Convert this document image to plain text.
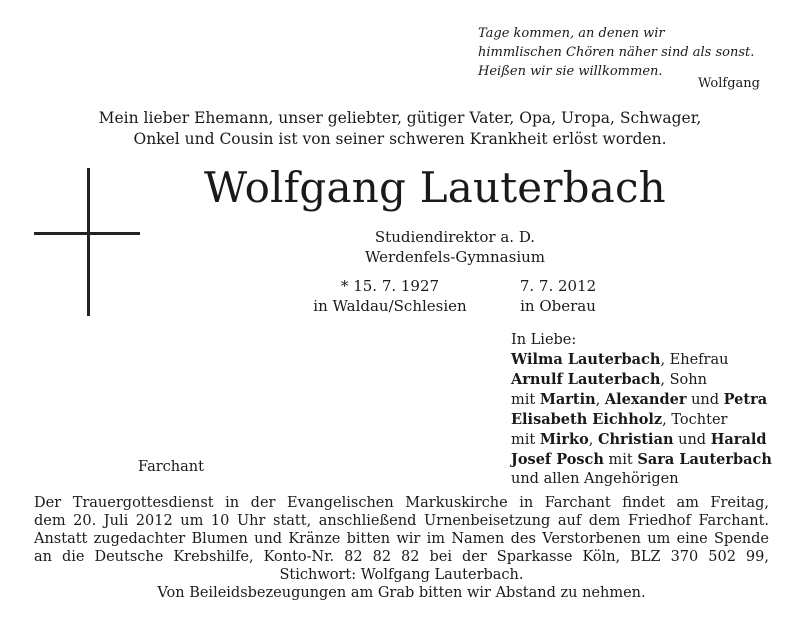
Tage kommen, an denen wir
himmlischen Chören näher sind als sonst.
Heißen wir sie willkommen.
Wolfgang
Mein lieber Ehemann, unser geliebter, gütiger Vater, Opa, Uropa, Schwager,
Onkel und Cousin ist von seiner schweren Krankheit erlöst worden.
Wolfgang Lauterbach
Studiendirektor a. D.
Werdenfels-Gymnasium
* 15. 7. 1927
in Waldau/Schlesien
7. 7. 2012
in Oberau
In Liebe:
Wilma Lauterbach, Ehefrau
Arnulf Lauterbach, Sohn
mit Martin, Alexander und Petra
Elisabeth Eichholz, Tochter
mit Mirko, Christian und Harald
Josef Posch mit Sara Lauterbach
und allen Angehörigen
Farchant

Der Trauergottesdienst in der Evangelischen Markuskirche in Farchant findet am Freitag,

dem 20. Juli 2012 um 10 Uhr statt, anschließend Urnenbeisetzung auf dem Friedhof Farchant.

Anstatt zugedachter Blumen und Kränze bitten wir im Namen des Verstorbenen um eine Spende

an die Deutsche Krebshilfe, Konto-Nr. 82 82 82 bei der Sparkasse Köln, BLZ 370 502 99,

Stichwort: Wolfgang Lauterbach.

Von Beileidsbezeugungen am Grab bitten wir Abstand zu nehmen.
